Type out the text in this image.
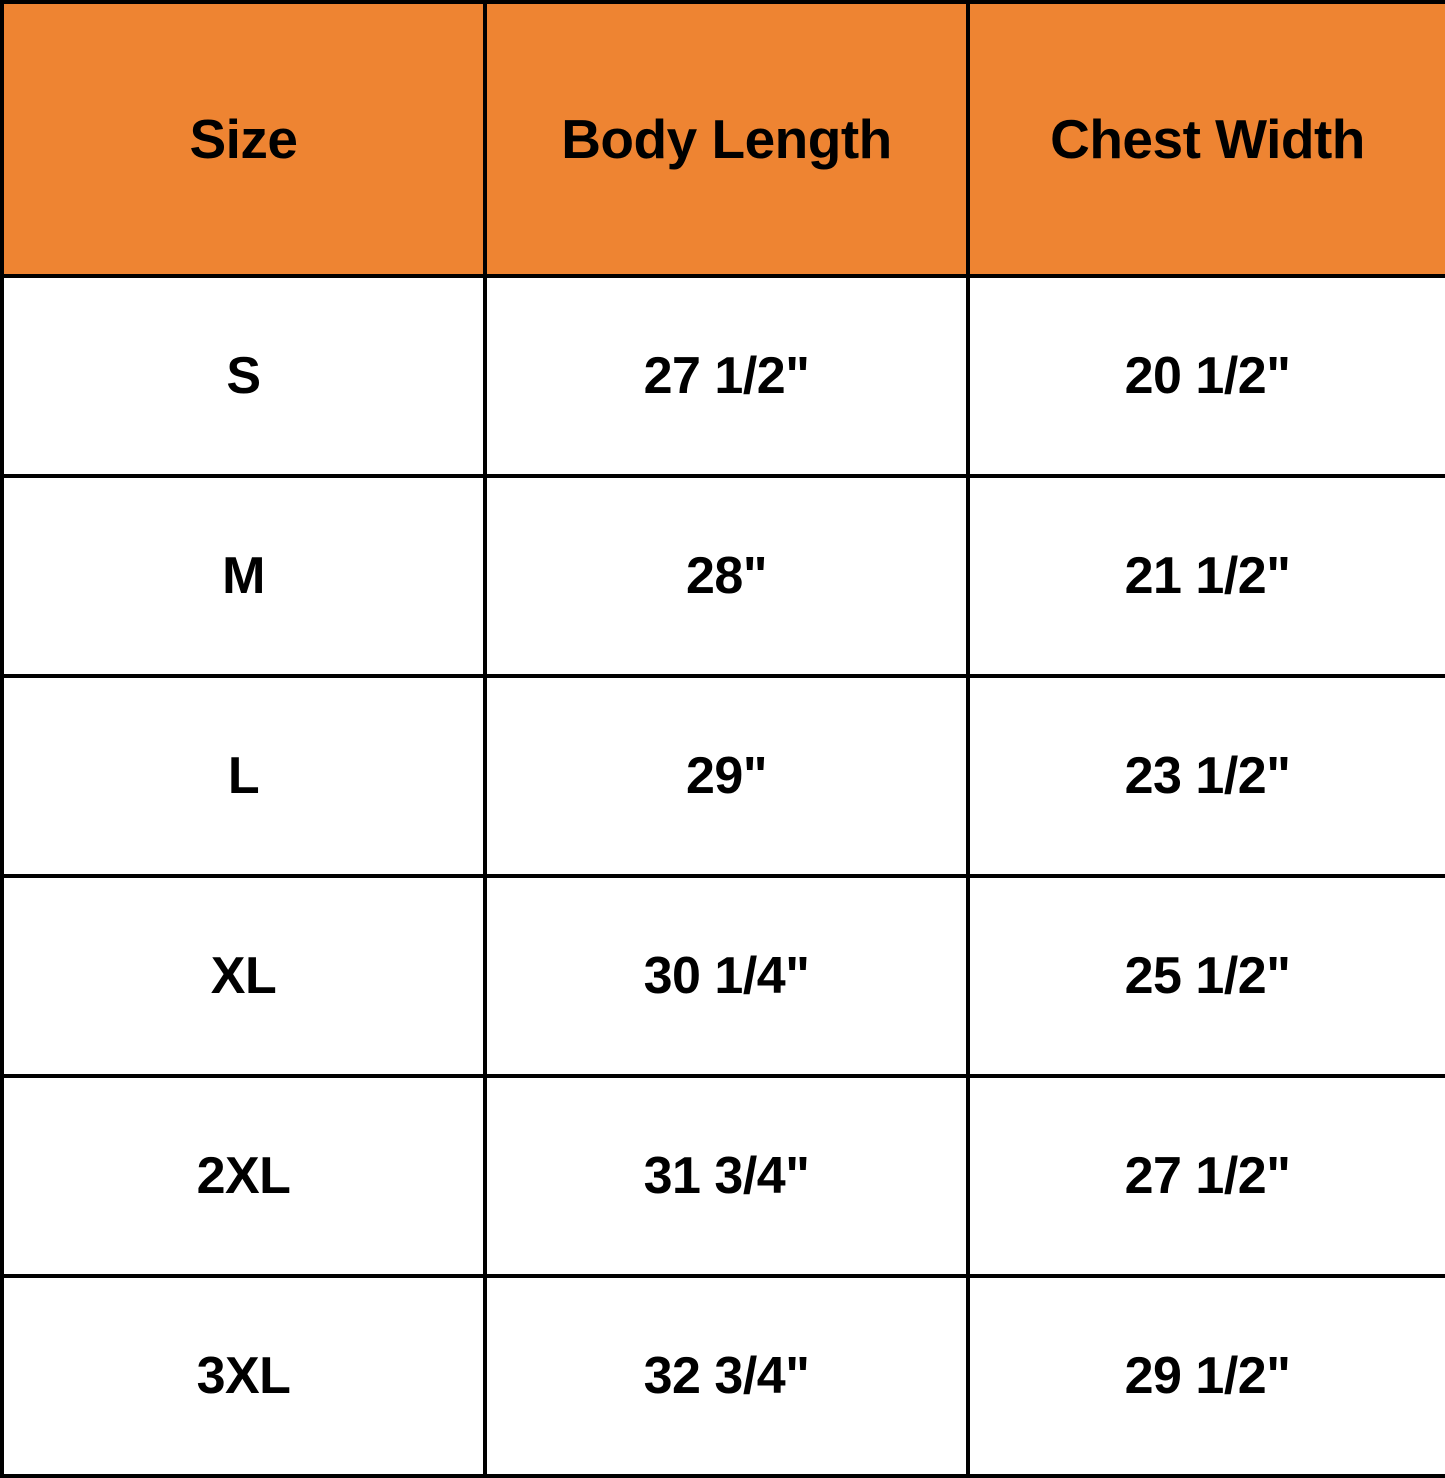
Size	Body Length	Chest Width
S	27 1/2"	20 1/2"
M	28"	21 1/2"
L	29"	23 1/2"
XL	30 1/4"	25 1/2"
2XL	31 3/4"	27 1/2"
3XL	32 3/4"	29 1/2"
